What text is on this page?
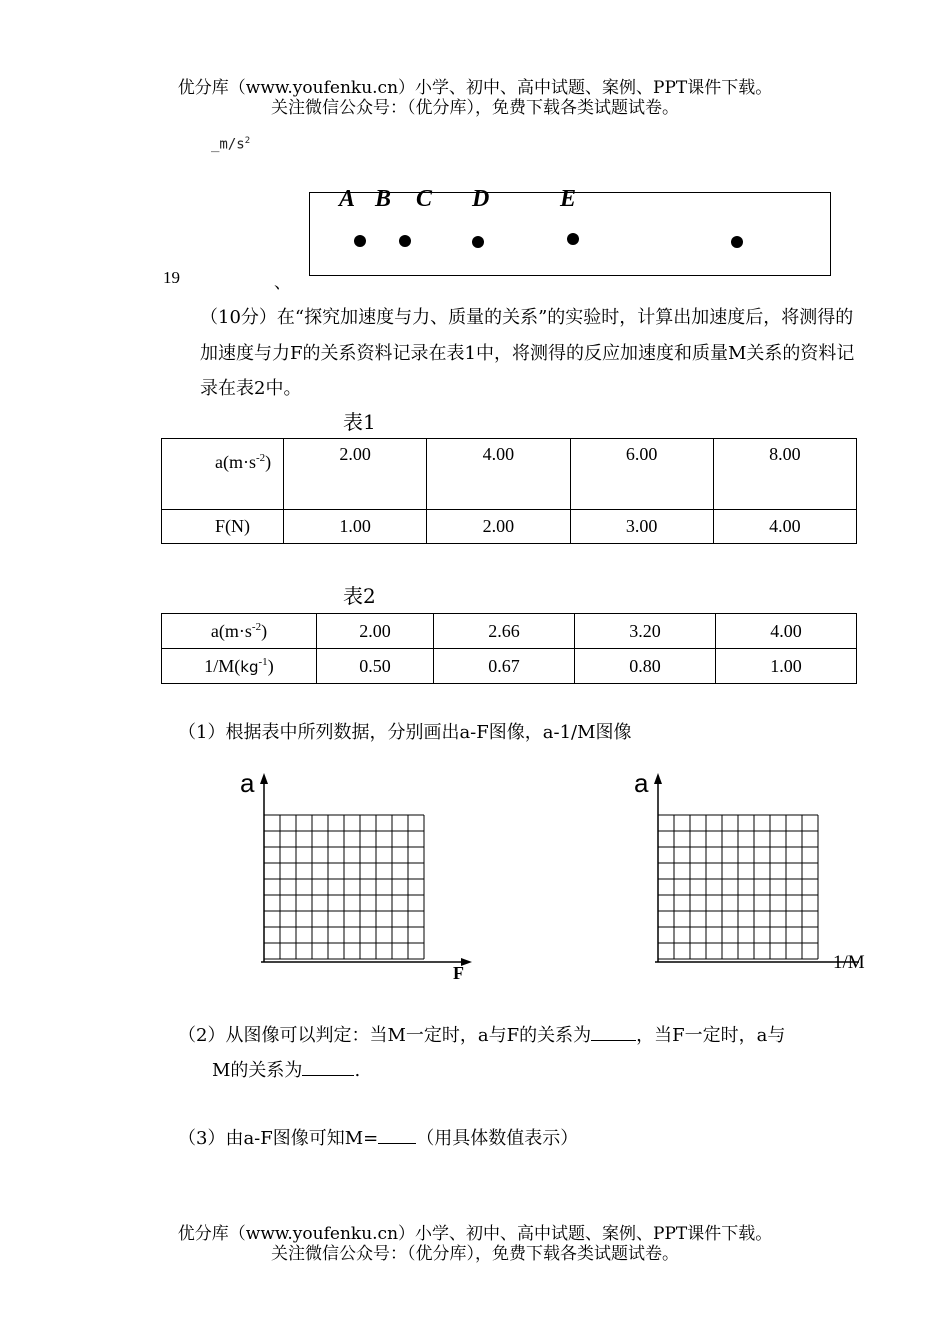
优分库（www.youfenku.cn）小学、初中、高中试题、案例、PPT课件下载。
关注微信公众号：（优分库），免费下载各类试题试卷。
$\_m/s^2$
A B C D	E
19	、
（10分）在“探究加速度与力、质量的关系”的实验时，计算出加速度后，将测得的加速度与力F的关系资料记录在表1中，将测得的反应加速度和质量M关系的资料记录在表2中。
表1
$a(m\cdot s^{-2})$	2.00	4.00	6.00	8.00
F(N)	1.00	2.00	3.00	4.00
表2
$a(m\cdot s^{-2})$	2.00	2.66	3.20	4.00
$1/M(kg^{-1})$	0.50	0.67	0.80	1.00
（1）根据表中所列数据，分别画出a-F图像，a-1/M图像
a
F
a
1/M
（2）从图像可以判定：当M一定时，a与F的关系为	，当F一定时，a与
M的关系为	.
（3）由a-F图像可知M= （用具体数值表示）
优分库（www.youfenku.cn）小学、初中、高中试题、案例、PPT课件下载。
关注微信公众号：（优分库），免费下载各类试题试卷。
